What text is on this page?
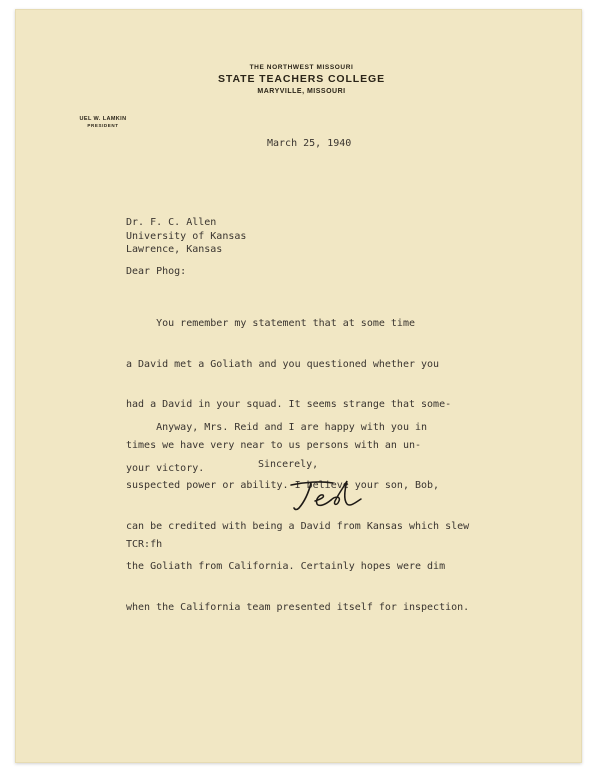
THE NORTHWEST MISSOURI
STATE TEACHERS COLLEGE
MARYVILLE, MISSOURI
UEL W. LAMKIN
PRESIDENT
March 25, 1940
Dr. F. C. Allen
University of Kansas
Lawrence, Kansas
Dear Phog:

You remember my statement that at some time

a David met a Goliath and you questioned whether you

had a David in your squad. It seems strange that some-

times we have very near to us persons with an un-

suspected power or ability. I believe your son, Bob,

can be credited with being a David from Kansas which slew

the Goliath from California. Certainly hopes were dim

when the California team presented itself for inspection.

Anyway, Mrs. Reid and I are happy with you in

your victory.

	Sincerely,
TCR:fh
